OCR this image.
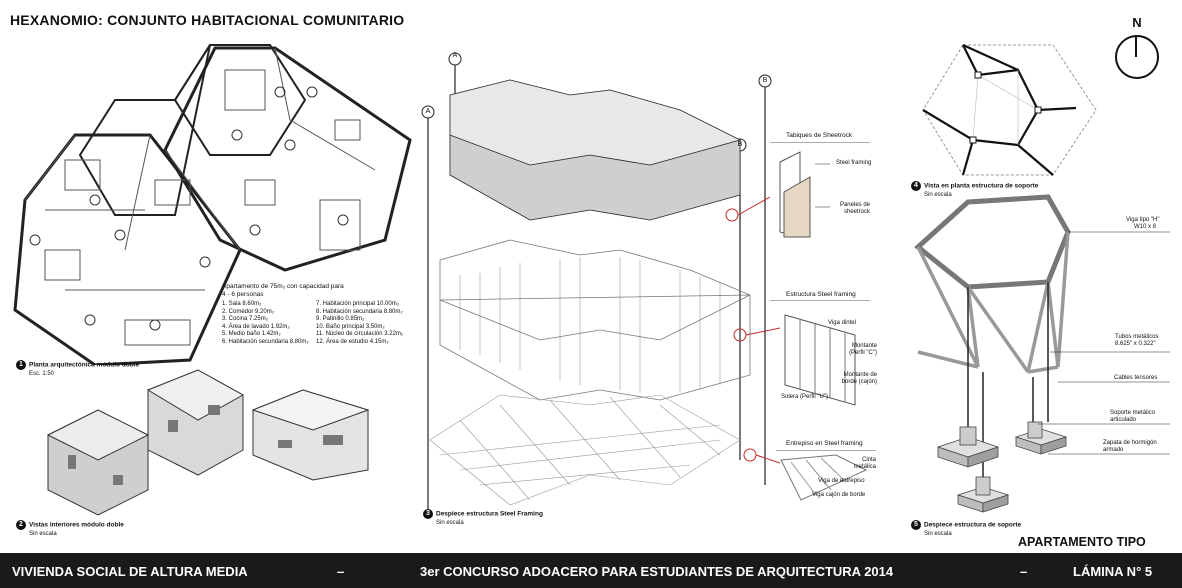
HEXANOMIO: CONJUNTO HABITACIONAL COMUNITARIO	N
Apartamento de 75m₂ con capacidad para
4 - 6 personas
1. Sala 8.60m₂
2. Comedor 9.20m₂
3. Cocina 7.25m₂
4. Área de lavado 1.92m₂
5. Medio baño 1.42m₂
6. Habitación secundaria 8.80m₂
7. Habitación principal 10.00m₂
8. Habitación secundaria 8.80m₂
9. Patinillo 0.85m₂
10. Baño principal 3.50m₂
11. Núcleo de circulación 3.22m₂
12. Área de estudio 4.15m₂
1 Planta arquitectónica módulo doble
Esc. 1:50
2 Vistas interiores módulo doble
Sin escala
A
A
B
B
Tabiques de Sheetrock
Steel framing
Paneles de sheetrock
Estructura Steel framing
Viga dintel
Montante (Perfil "C")
Montante de borde (cajón)
Solera (Perfil "U")
Entrepiso en Steel framing
Cinta metálica
Viga de entrepiso
Viga cajón de borde
3 Despiece estructura Steel Framing
Sin escala
4 Vista en planta estructura de soporte
Sin escala
Viga tipo "H"
W10 x 8
Tubos metálicos
8.625" x 0.322"
Cables tensores
Soporte metálico
articulado
Zapata de hormigón
armado
5 Despiece estructura de soporte
Sin escala
APARTAMENTO TIPO
VIVIENDA SOCIAL DE ALTURA MEDIA	–	3er CONCURSO ADOACERO PARA ESTUDIANTES DE ARQUITECTURA 2014	–	LÁMINA N° 5
